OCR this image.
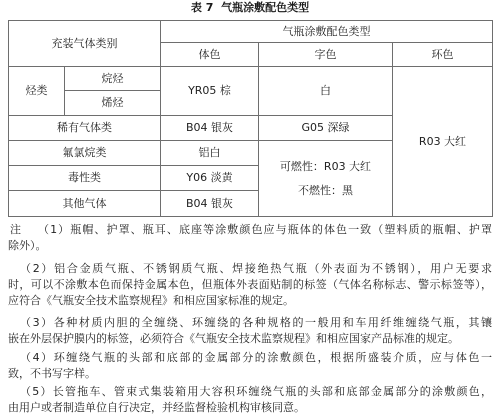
表 7  气瓶涂敷配色类型
充装气体类别		气瓶涂敷配色类型		
		体色	字色	环色
烃类	烷烃	YR05 棕	白	R03 大红
	烯烃			
稀有气体类		B04 银灰	G05 深绿	
氟氯烷类		铝白	可燃性：R03 大红
不燃性：黑	

毒性类		Y06 淡黄		
其他气体		B04 银灰		
注	（1）瓶帽、护罩、瓶耳、底座等涂敷颜色应与瓶体的体色一致（塑料质的瓶帽、护罩
除外）。
（2）铝合金质气瓶、不锈钢质气瓶、焊接绝热气瓶（外表面为不锈钢），用户无要求
时，可以不涂敷本色而保持金属本色，但瓶体外表面贴制的标签（气体名称标志、警示标签等），
应符合《气瓶安全技术监察规程》和相应国家标准的规定。
（3）各种材质内胆的全缠绕、环缠绕的各种规格的一般用和车用纤维缠绕气瓶，其镶
嵌在外层保护膜内的标签，必须符合《气瓶安全技术监察规程》和相应国家产品标准的规定。
（4）环缠绕气瓶的头部和底部的金属部分的涂敷颜色，根据所盛装介质，应与体色一
致，不书写字样。
（5）长管拖车、管束式集装箱用大容积环缠绕气瓶的头部和底部金属部分的涂敷颜色，
由用户或者制造单位自行决定，并经监督检验机构审核同意。
